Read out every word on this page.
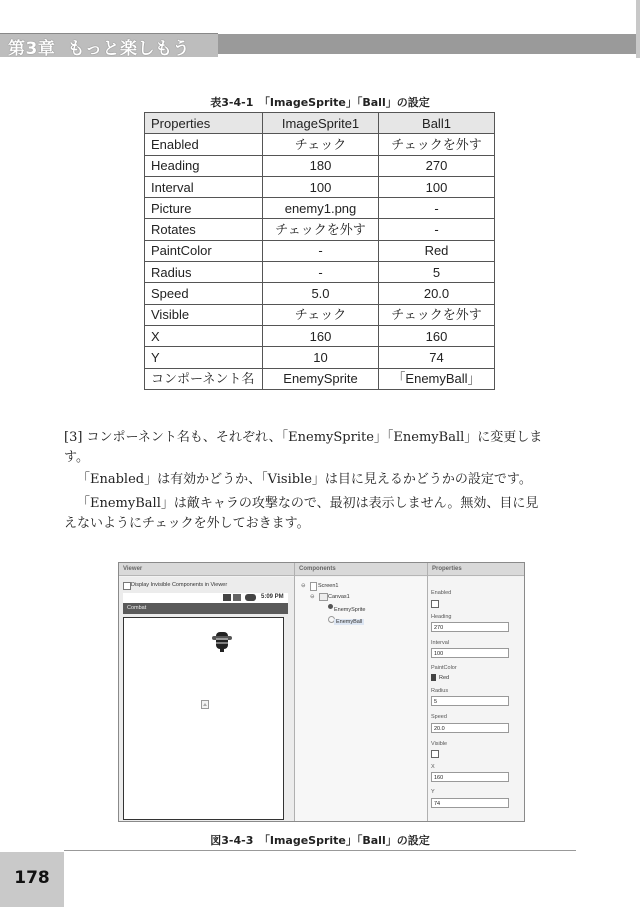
第3章 もっと楽しもう
表3-4-1　「ImageSprite」「Ball」の設定
Properties	ImageSprite1	Ball1
Enabled	チェック	チェックを外す
Heading	180	270
Interval	100	100
Picture	enemy1.png	-
Rotates	チェックを外す	-
PaintColor	-	Red
Radius	-	5
Speed	5.0	20.0
Visible	チェック	チェックを外す
X	160	160
Y	10	74
コンポーネント名	EnemySprite	「EnemyBall」
[3] コンポーネント名も、それぞれ、「EnemySprite」「EnemyBall」に変更しま
す。
「Enabled」は有効かどうか、「Visible」は目に見えるかどうかの設定です。
「EnemyBall」は敵キャラの攻撃なので、最初は表示しません。無効、目に見
えないようにチェックを外しておきます。
Viewer
Display Invisible Components in Viewer
5:09 PM
Combat
Components
⊖ Screen1
⊖ Canvas1
EnemySprite
EnemyBall
Properties
Enabled
Heading
270
Interval
100
PaintColor
Red
Radius
5
Speed
20.0
Visible
X
160
Y
74
図3-4-3　「ImageSprite」「Ball」の設定
178
